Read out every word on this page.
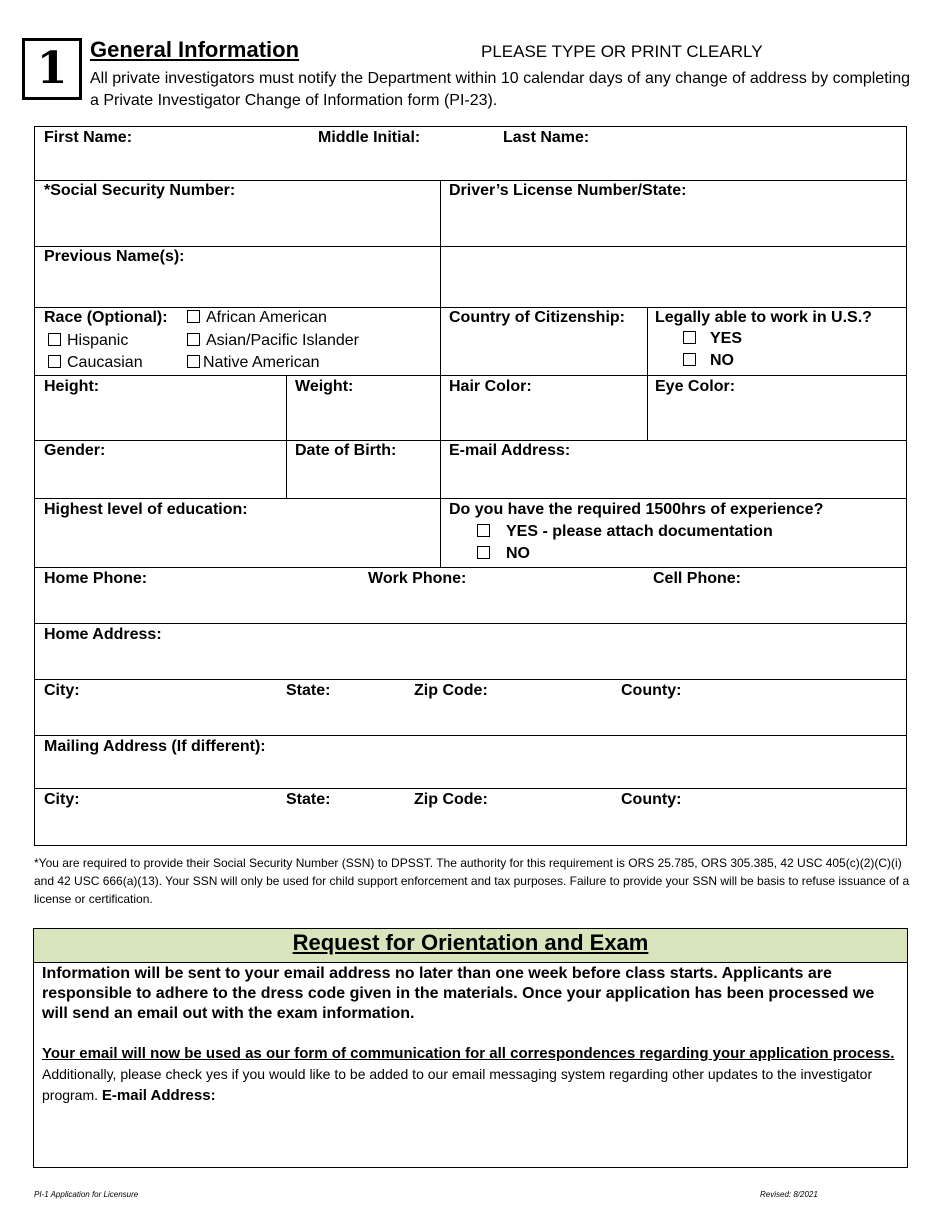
1	General Information	PLEASE TYPE OR PRINT CLEARLY
All private investigators must notify the Department within 10 calendar days of any change of address by completing a Private Investigator Change of Information form (PI-23).
First Name:	Middle Initial:	Last Name:
*Social Security Number:	Driver’s License Number/State:
Previous Name(s):
Race (Optional):	African American
Hispanic	Asian/Pacific Islander
Caucasian	Native American
Country of Citizenship: Legally able to work in U.S.?
YES
NO
Height:	Weight:	Hair Color:	Eye Color:
Gender:	Date of Birth:	E-mail Address:
Highest level of education:	Do you have the required 1500hrs of experience?
YES - please attach documentation
NO
Home Phone:	Work Phone:	Cell Phone:
Home Address:
City:	State:	Zip Code:	County:
Mailing Address (If different):
City:	State:	Zip Code:	County:
*You are required to provide their Social Security Number (SSN) to DPSST. The authority for this requirement is ORS 25.785, ORS 305.385, 42 USC 405(c)(2)(C)(i) and 42 USC 666(a)(13). Your SSN will only be used for child support enforcement and tax purposes. Failure to provide your SSN will be basis to refuse issuance of a license or certification.
Request for Orientation and Exam
Information will be sent to your email address no later than one week before class starts. Applicants are responsible to adhere to the dress code given in the materials. Once your application has been processed we will send an email out with the exam information.
Your email will now be used as our form of communication for all correspondences regarding your application process. Additionally, please check yes if you would like to be added to our email messaging system regarding other updates to the investigator program. E-mail Address:
PI-1 Application for Licensure	Revised: 8/2021
